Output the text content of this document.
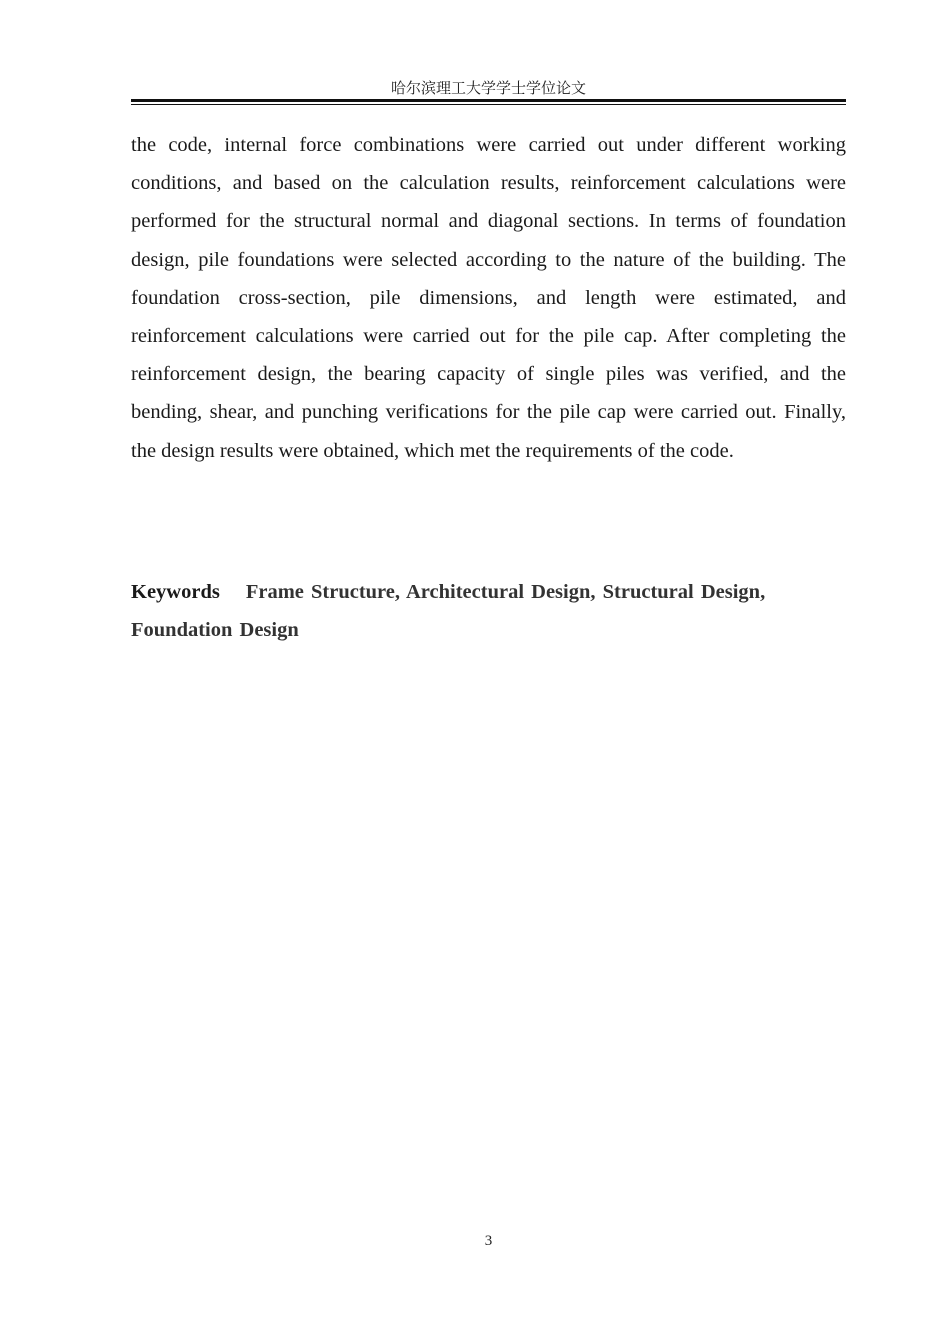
哈尔滨理工大学学士学位论文

the code, internal force combinations were carried out under different working conditions, and based on the calculation results, reinforcement calculations were performed for the structural normal and diagonal sections. In terms of foundation design, pile foundations were selected according to the nature of the building. The foundation cross-section, pile dimensions, and length were estimated, and reinforcement calculations were carried out for the pile cap. After completing the reinforcement design, the bearing capacity of single piles was verified, and the bending, shear, and punching verifications for the pile cap were carried out. Finally, the design results were obtained, which met the requirements of the code.

Keywords Frame Structure, Architectural Design, Structural Design, Foundation Design

3
